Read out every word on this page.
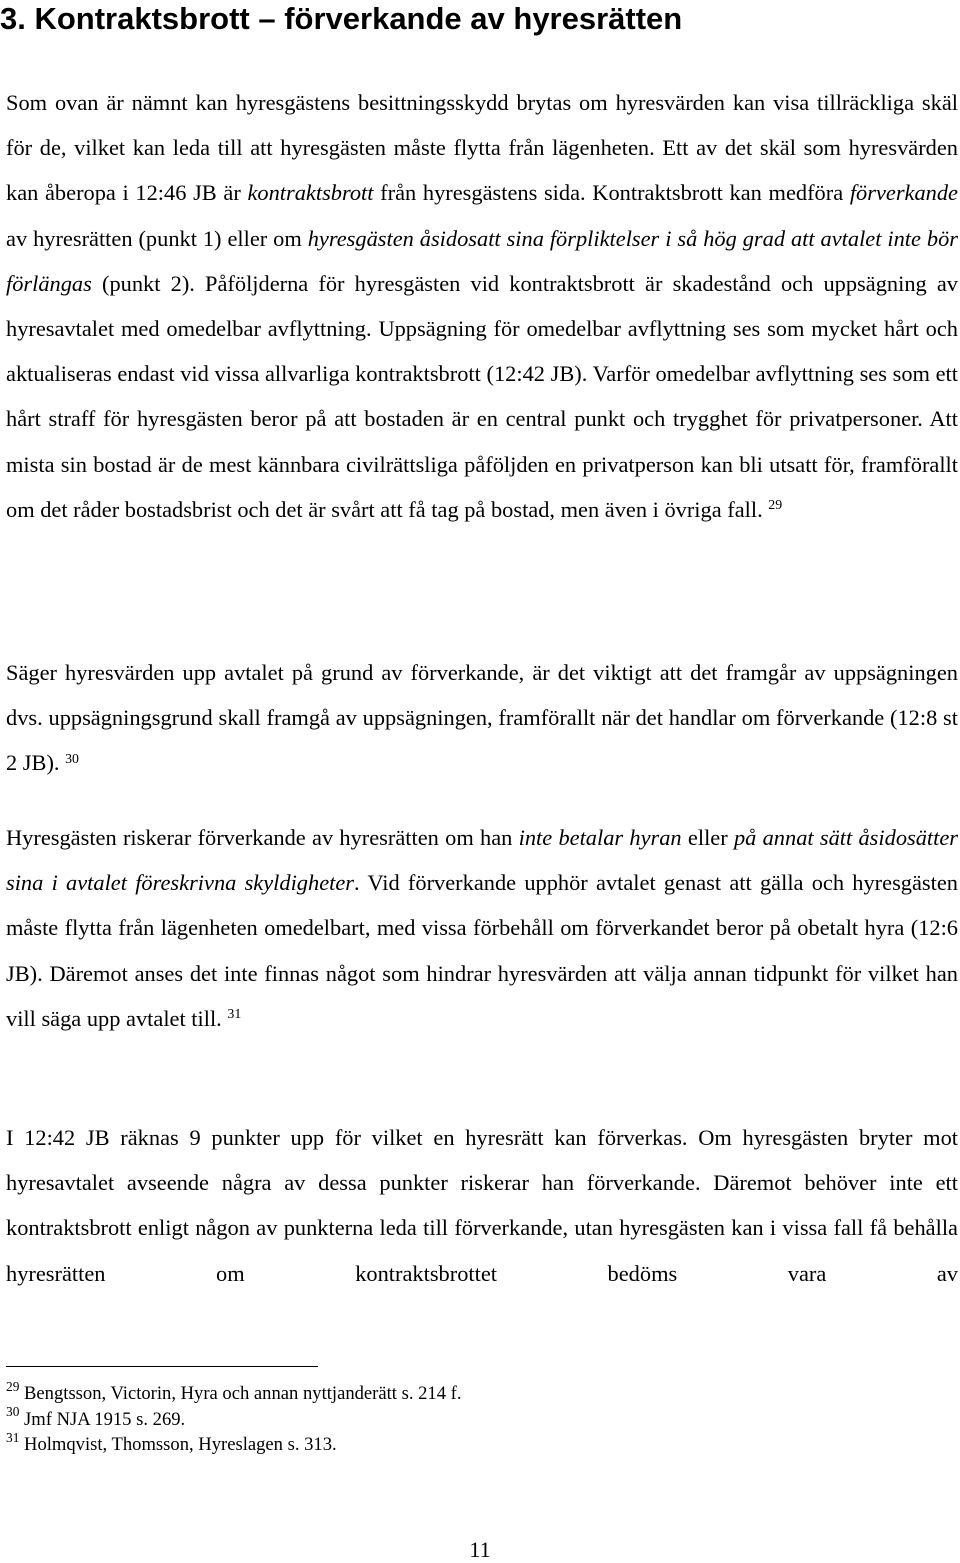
3. Kontraktsbrott – förverkande av hyresrätten

Som ovan är nämnt kan hyresgästens besittningsskydd brytas om hyresvärden kan visa tillräckliga skäl för de, vilket kan leda till att hyresgästen måste flytta från lägenheten. Ett av det skäl som hyresvärden kan åberopa i 12:46 JB är kontraktsbrott från hyresgästens sida. Kontraktsbrott kan medföra förverkande av hyresrätten (punkt 1) eller om hyresgästen åsidosatt sina förpliktelser i så hög grad att avtalet inte bör förlängas (punkt 2). Påföljderna för hyresgästen vid kontraktsbrott är skadestånd och uppsägning av hyresavtalet med omedelbar avflyttning. Uppsägning för omedelbar avflyttning ses som mycket hårt och aktualiseras endast vid vissa allvarliga kontraktsbrott (12:42 JB). Varför omedelbar avflyttning ses som ett hårt straff för hyresgästen beror på att bostaden är en central punkt och trygghet för privatpersoner. Att mista sin bostad är de mest kännbara civilrättsliga påföljden en privatperson kan bli utsatt för, framförallt om det råder bostadsbrist och det är svårt att få tag på bostad, men även i övriga fall. $^{29}$

Säger hyresvärden upp avtalet på grund av förverkande, är det viktigt att det framgår av uppsägningen dvs. uppsägningsgrund skall framgå av uppsägningen, framförallt när det handlar om förverkande (12:8 st 2 JB). $^{30}$

Hyresgästen riskerar förverkande av hyresrätten om han inte betalar hyran eller på annat sätt åsidosätter sina i avtalet föreskrivna skyldigheter. Vid förverkande upphör avtalet genast att gälla och hyresgästen måste flytta från lägenheten omedelbart, med vissa förbehåll om förverkandet beror på obetalt hyra (12:6 JB). Däremot anses det inte finnas något som hindrar hyresvärden att välja annan tidpunkt för vilket han vill säga upp avtalet till. $^{31}$

I 12:42 JB räknas 9 punkter upp för vilket en hyresrätt kan förverkas. Om hyresgästen bryter mot hyresavtalet avseende några av dessa punkter riskerar han förverkande. Däremot behöver inte ett kontraktsbrott enligt någon av punkterna leda till förverkande, utan hyresgästen kan i vissa fall få behålla hyresrätten om kontraktsbrottet bedöms vara av

$^{29}$ Bengtsson, Victorin, Hyra och annan nyttjanderätt s. 214 f.

$^{30}$ Jmf NJA 1915 s. 269.

$^{31}$ Holmqvist, Thomsson, Hyreslagen s. 313.

11
